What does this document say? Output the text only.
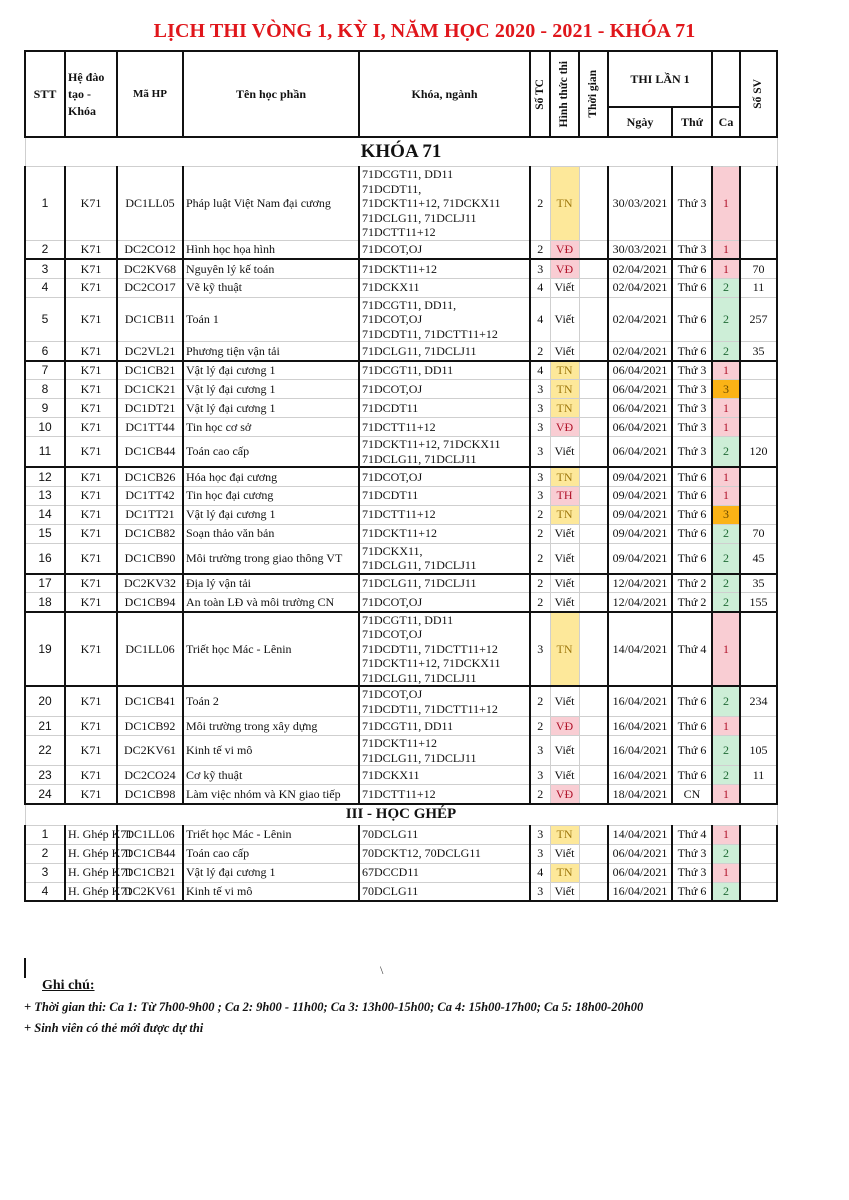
LỊCH THI VÒNG 1, KỲ I, NĂM HỌC 2020 - 2021 - KHÓA 71
STT	Hệ đào tạo - Khóa	Mã HP	Tên học phần	Khóa, ngành	Số TC	Hình thức thi	Thời gian	THI LẦN 1			Số SV

								Ngày	Thứ	Ca	
KHÓA 71											
1	K71	DC1LL05	Pháp luật Việt Nam đại cương	71DCGT11, DD11
71DCDT11,
71DCKT11+12, 71DCKX11
71DCLG11, 71DCLJ11
71DCTT11+12	2	TN		30/03/2021	Thứ 3	1	
2	K71	DC2CO12	Hình học họa hình	71DCOT,OJ	2	VĐ		30/03/2021	Thứ 3	1	
3	K71	DC2KV68	Nguyên lý kế toán	71DCKT11+12	3	VĐ		02/04/2021	Thứ 6	1	70
4	K71	DC2CO17	Vẽ kỹ thuật	71DCKX11	4	Viết		02/04/2021	Thứ 6	2	11
5	K71	DC1CB11	Toán 1	71DCGT11, DD11,
71DCOT,OJ
71DCDT11, 71DCTT11+12	4	Viết		02/04/2021	Thứ 6	2	257
6	K71	DC2VL21	Phương tiện vận tải	71DCLG11, 71DCLJ11	2	Viết		02/04/2021	Thứ 6	2	35
7	K71	DC1CB21	Vật lý đại cương 1	71DCGT11, DD11	4	TN		06/04/2021	Thứ 3	1	
8	K71	DC1CK21	Vật lý đại cương 1	71DCOT,OJ	3	TN		06/04/2021	Thứ 3	3	
9	K71	DC1DT21	Vật lý đại cương 1	71DCDT11	3	TN		06/04/2021	Thứ 3	1	
10	K71	DC1TT44	Tin học cơ sở	71DCTT11+12	3	VĐ		06/04/2021	Thứ 3	1	
11	K71	DC1CB44	Toán cao cấp	71DCKT11+12, 71DCKX11
71DCLG11, 71DCLJ11	3	Viết		06/04/2021	Thứ 3	2	120
12	K71	DC1CB26	Hóa học đại cương	71DCOT,OJ	3	TN		09/04/2021	Thứ 6	1	
13	K71	DC1TT42	Tin học đại cương	71DCDT11	3	TH		09/04/2021	Thứ 6	1	
14	K71	DC1TT21	Vật lý đại cương 1	71DCTT11+12	2	TN		09/04/2021	Thứ 6	3	
15	K71	DC1CB82	Soạn thảo văn bản	71DCKT11+12	2	Viết		09/04/2021	Thứ 6	2	70
16	K71	DC1CB90	Môi trường trong giao thông VT	71DCKX11,
71DCLG11, 71DCLJ11	2	Viết		09/04/2021	Thứ 6	2	45
17	K71	DC2KV32	Địa lý vận tải	71DCLG11, 71DCLJ11	2	Viết		12/04/2021	Thứ 2	2	35
18	K71	DC1CB94	An toàn LĐ và môi trường CN	71DCOT,OJ	2	Viết		12/04/2021	Thứ 2	2	155
19	K71	DC1LL06	Triết học Mác - Lênin	71DCGT11, DD11
71DCOT,OJ
71DCDT11, 71DCTT11+12
71DCKT11+12, 71DCKX11
71DCLG11, 71DCLJ11	3	TN		14/04/2021	Thứ 4	1	
20	K71	DC1CB41	Toán 2	71DCOT,OJ
71DCDT11, 71DCTT11+12	2	Viết		16/04/2021	Thứ 6	2	234
21	K71	DC1CB92	Môi trường trong xây dựng	71DCGT11, DD11	2	VĐ		16/04/2021	Thứ 6	1	
22	K71	DC2KV61	Kinh tế vi mô	71DCKT11+12
71DCLG11, 71DCLJ11	3	Viết		16/04/2021	Thứ 6	2	105
23	K71	DC2CO24	Cơ kỹ thuật	71DCKX11	3	Viết		16/04/2021	Thứ 6	2	11
24	K71	DC1CB98	Làm việc nhóm và KN giao tiếp	71DCTT11+12	2	VĐ		18/04/2021	CN	1	
III - HỌC GHÉP											
1	H. Ghép K71	DC1LL06	Triết học Mác - Lênin	70DCLG11	3	TN		14/04/2021	Thứ 4	1	
2	H. Ghép K71	DC1CB44	Toán cao cấp	70DCKT12, 70DCLG11	3	Viết		06/04/2021	Thứ 3	2	
3	H. Ghép K71	DC1CB21	Vật lý đại cương 1	67DCCD11	4	TN		06/04/2021	Thứ 3	1	
4	H. Ghép K71	DC2KV61	Kinh tế vi mô	70DCLG11	3	Viết		16/04/2021	Thứ 6	2	
\
Ghi chú:
+ Thời gian thi: Ca 1: Từ 7h00-9h00 ; Ca 2: 9h00 - 11h00; Ca 3: 13h00-15h00; Ca 4: 15h00-17h00; Ca 5: 18h00-20h00
+ Sinh viên có thẻ mới được dự thi
